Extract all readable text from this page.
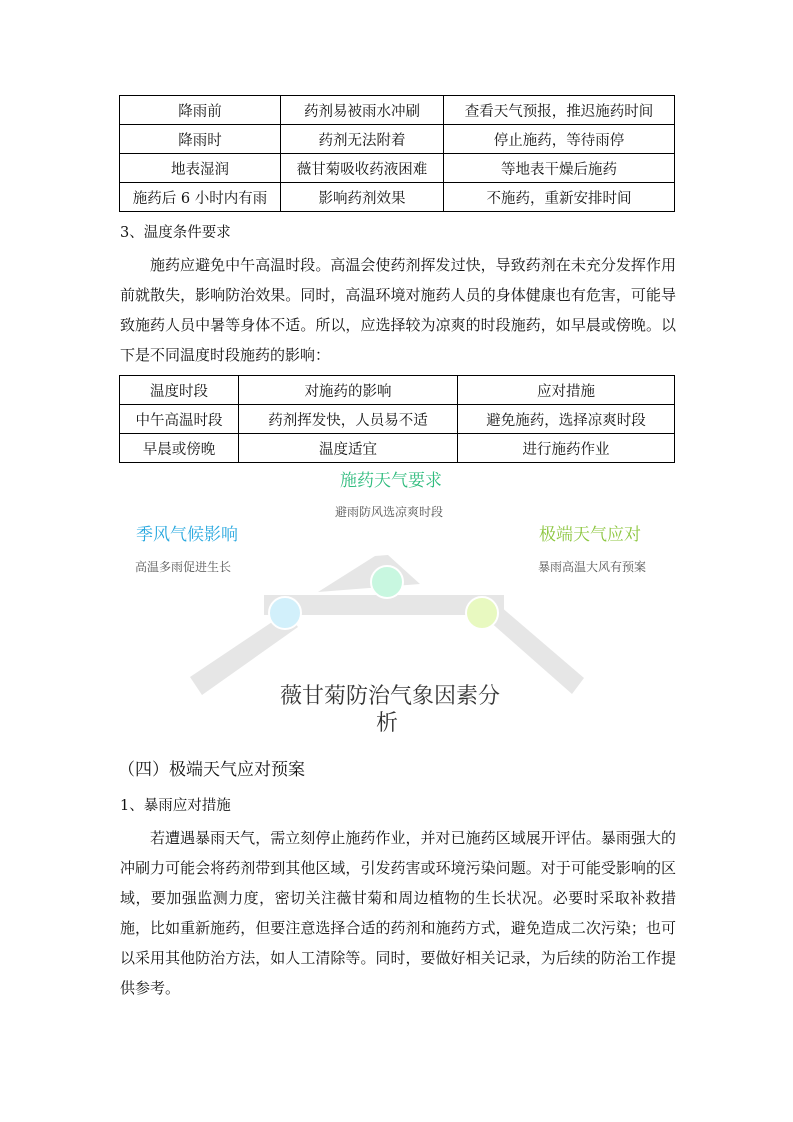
降雨前	药剂易被雨水冲刷	查看天气预报，推迟施药时间
降雨时	药剂无法附着	停止施药，等待雨停
地表湿润	薇甘菊吸收药液困难	等地表干燥后施药
施药后 6 小时内有雨	影响药剂效果	不施药，重新安排时间
3、温度条件要求
施药应避免中午高温时段。高温会使药剂挥发过快，导致药剂在未充分发挥作用前就散失，影响防治效果。同时，高温环境对施药人员的身体健康也有危害，可能导致施药人员中暑等身体不适。所以，应选择较为凉爽的时段施药，如早晨或傍晚。以下是不同温度时段施药的影响：
温度时段	对施药的影响	应对措施
中午高温时段	药剂挥发快，人员易不适	避免施药，选择凉爽时段
早晨或傍晚	温度适宜	进行施药作业
施药天气要求
避雨防风选凉爽时段
季风气候影响
高温多雨促进生长
极端天气应对
暴雨高温大风有预案
薇甘菊防治气象因素分
析
（四）极端天气应对预案
1、暴雨应对措施
若遭遇暴雨天气，需立刻停止施药作业，并对已施药区域展开评估。暴雨强大的冲刷力可能会将药剂带到其他区域，引发药害或环境污染问题。对于可能受影响的区域，要加强监测力度，密切关注薇甘菊和周边植物的生长状况。必要时采取补救措施，比如重新施药，但要注意选择合适的药剂和施药方式，避免造成二次污染；也可以采用其他防治方法，如人工清除等。同时，要做好相关记录，为后续的防治工作提供参考。
